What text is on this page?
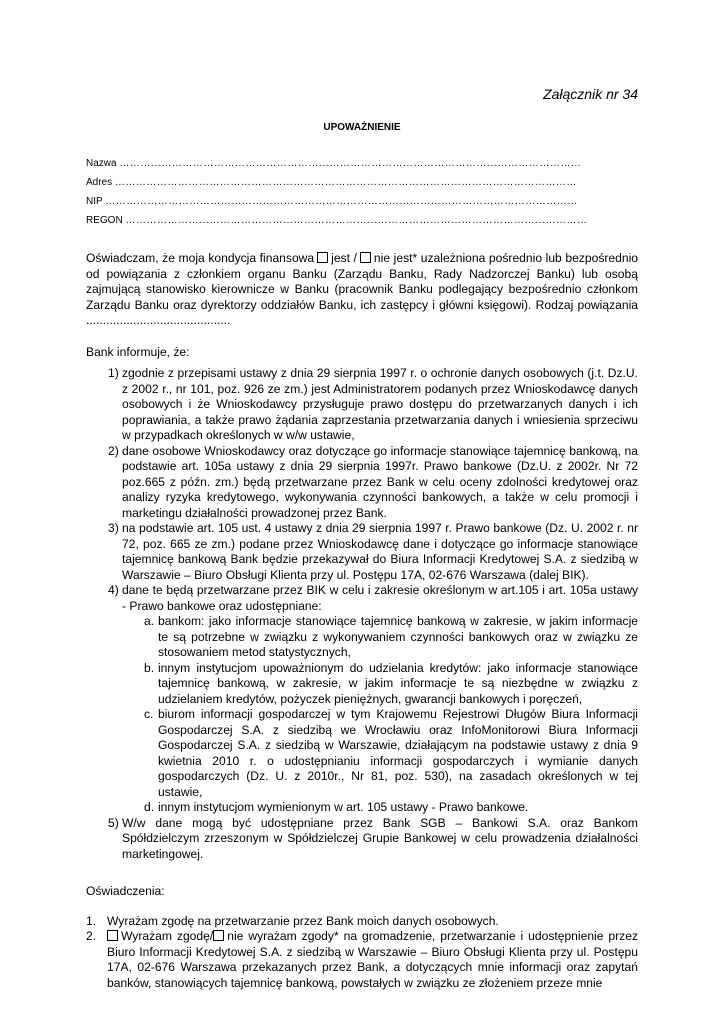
Załącznik nr 34
UPOWAŻNIENIE
Nazwa ……………………………………………………………………………………………………………………
Adres ……………………………………………………………………………………………………………………
NIP ………………………………………………………………………………………………………………………
REGON ……………………………………………………………………………………………………………………

Oświadczam, że moja kondycja finansowa jest / nie jest* uzależniona pośrednio lub bezpośrednio od powiązania z członkiem organu Banku (Zarządu Banku, Rady Nadzorczej Banku) lub osobą zajmującą stanowisko kierownicze w Banku (pracownik Banku podlegający bezpośrednio członkom Zarządu Banku oraz dyrektorzy oddziałów Banku, ich zastępcy i główni księgowi). Rodzaj powiązania ...........................................

Bank informuje, że:
1) zgodnie z przepisami ustawy z dnia 29 sierpnia 1997 r. o ochronie danych osobowych (j.t. Dz.U. z 2002 r., nr 101, poz. 926 ze zm.) jest Administratorem podanych przez Wnioskodawcę danych osobowych i że Wnioskodawcy przysługuje prawo dostępu do przetwarzanych danych i ich poprawiania, a także prawo żądania zaprzestania przetwarzania danych i wniesienia sprzeciwu w przypadkach określonych w w/w ustawie,
2) dane osobowe Wnioskodawcy oraz dotyczące go informacje stanowiące tajemnicę bankową, na podstawie art. 105a ustawy z dnia 29 sierpnia 1997r. Prawo bankowe (Dz.U. z 2002r. Nr 72 poz.665 z późn. zm.) będą przetwarzane przez Bank w celu oceny zdolności kredytowej oraz analizy ryzyka kredytowego, wykonywania czynności bankowych, a także w celu promocji i marketingu działalności prowadzonej przez Bank.
3) na podstawie art. 105 ust. 4 ustawy z dnia 29 sierpnia 1997 r. Prawo bankowe (Dz. U. 2002 r. nr 72, poz. 665 ze zm.) podane przez Wnioskodawcę dane i dotyczące go informacje stanowiące tajemnicę bankową Bank będzie przekazywał do Biura Informacji Kredytowej S.A. z siedzibą w Warszawie – Biuro Obsługi Klienta przy ul. Postępu 17A, 02-676 Warszawa (dalej BIK).
4) dane te będą przetwarzane przez BIK w celu i zakresie określonym w art.105 i art. 105a ustawy - Prawo bankowe oraz udostępniane:
a. bankom: jako informacje stanowiące tajemnicę bankową w zakresie, w jakim informacje te są potrzebne w związku z wykonywaniem czynności bankowych oraz w związku ze stosowaniem metod statystycznych,
b. innym instytucjom upoważnionym do udzielania kredytów: jako informacje stanowiące tajemnicę bankową, w zakresie, w jakim informacje te są niezbędne w związku z udzielaniem kredytów, pożyczek pieniężnych, gwarancji bankowych i poręczeń,
c. biurom informacji gospodarczej w tym Krajowemu Rejestrowi Długów Biura Informacji Gospodarczej S.A. z siedzibą we Wrocławiu oraz InfoMonitorowi Biura Informacji Gospodarczej S.A. z siedzibą w Warszawie, działającym na podstawie ustawy z dnia 9 kwietnia 2010 r. o udostępnianiu informacji gospodarczych i wymianie danych gospodarczych (Dz. U. z 2010r., Nr 81, poz. 530), na zasadach określonych w tej ustawie,
d. innym instytucjom wymienionym w art. 105 ustawy - Prawo bankowe.
5) W/w dane mogą być udostępniane przez Bank SGB – Bankowi S.A. oraz Bankom Spółdzielczym zrzeszonym w Spółdzielczej Grupie Bankowej w celu prowadzenia działalności marketingowej.
Oświadczenia:
1. Wyrażam zgodę na przetwarzanie przez Bank moich danych osobowych.
2. Wyrażam zgodę/ nie wyrażam zgody* na gromadzenie, przetwarzanie i udostępnienie przez Biuro Informacji Kredytowej S.A. z siedzibą w Warszawie – Biuro Obsługi Klienta przy ul. Postępu 17A, 02-676 Warszawa przekazanych przez Bank, a dotyczących mnie informacji oraz zapytań banków, stanowiących tajemnicę bankową, powstałych w związku ze złożeniem przeze mnie
